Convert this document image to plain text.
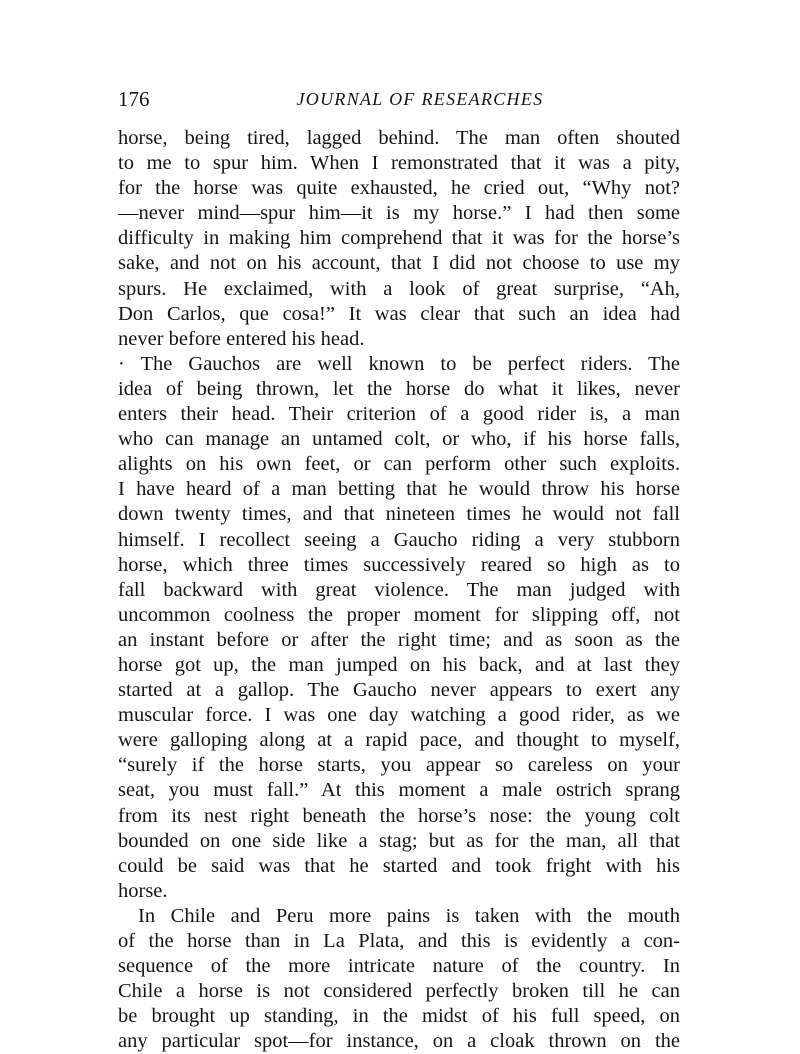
176	JOURNAL OF RESEARCHES
horse, being tired, lagged behind. The man often shouted
to me to spur him. When I remonstrated that it was a pity,
for the horse was quite exhausted, he cried out, “Why not?
—never mind—spur him—it is my horse.” I had then some
difficulty in making him comprehend that it was for the horse’s
sake, and not on his account, that I did not choose to use my
spurs. He exclaimed, with a look of great surprise, “Ah,
Don Carlos, que cosa!” It was clear that such an idea had
never before entered his head.
· The Gauchos are well known to be perfect riders. The
idea of being thrown, let the horse do what it likes, never
enters their head. Their criterion of a good rider is, a man
who can manage an untamed colt, or who, if his horse falls,
alights on his own feet, or can perform other such exploits.
I have heard of a man betting that he would throw his horse
down twenty times, and that nineteen times he would not fall
himself. I recollect seeing a Gaucho riding a very stubborn
horse, which three times successively reared so high as to
fall backward with great violence. The man judged with
uncommon coolness the proper moment for slipping off, not
an instant before or after the right time; and as soon as the
horse got up, the man jumped on his back, and at last they
started at a gallop. The Gaucho never appears to exert any
muscular force. I was one day watching a good rider, as we
were galloping along at a rapid pace, and thought to myself,
“surely if the horse starts, you appear so careless on your
seat, you must fall.” At this moment a male ostrich sprang
from its nest right beneath the horse’s nose: the young colt
bounded on one side like a stag; but as for the man, all that
could be said was that he started and took fright with his
horse.
In Chile and Peru more pains is taken with the mouth
of the horse than in La Plata, and this is evidently a con-
sequence of the more intricate nature of the country. In
Chile a horse is not considered perfectly broken till he can
be brought up standing, in the midst of his full speed, on
any particular spot—for instance, on a cloak thrown on the
